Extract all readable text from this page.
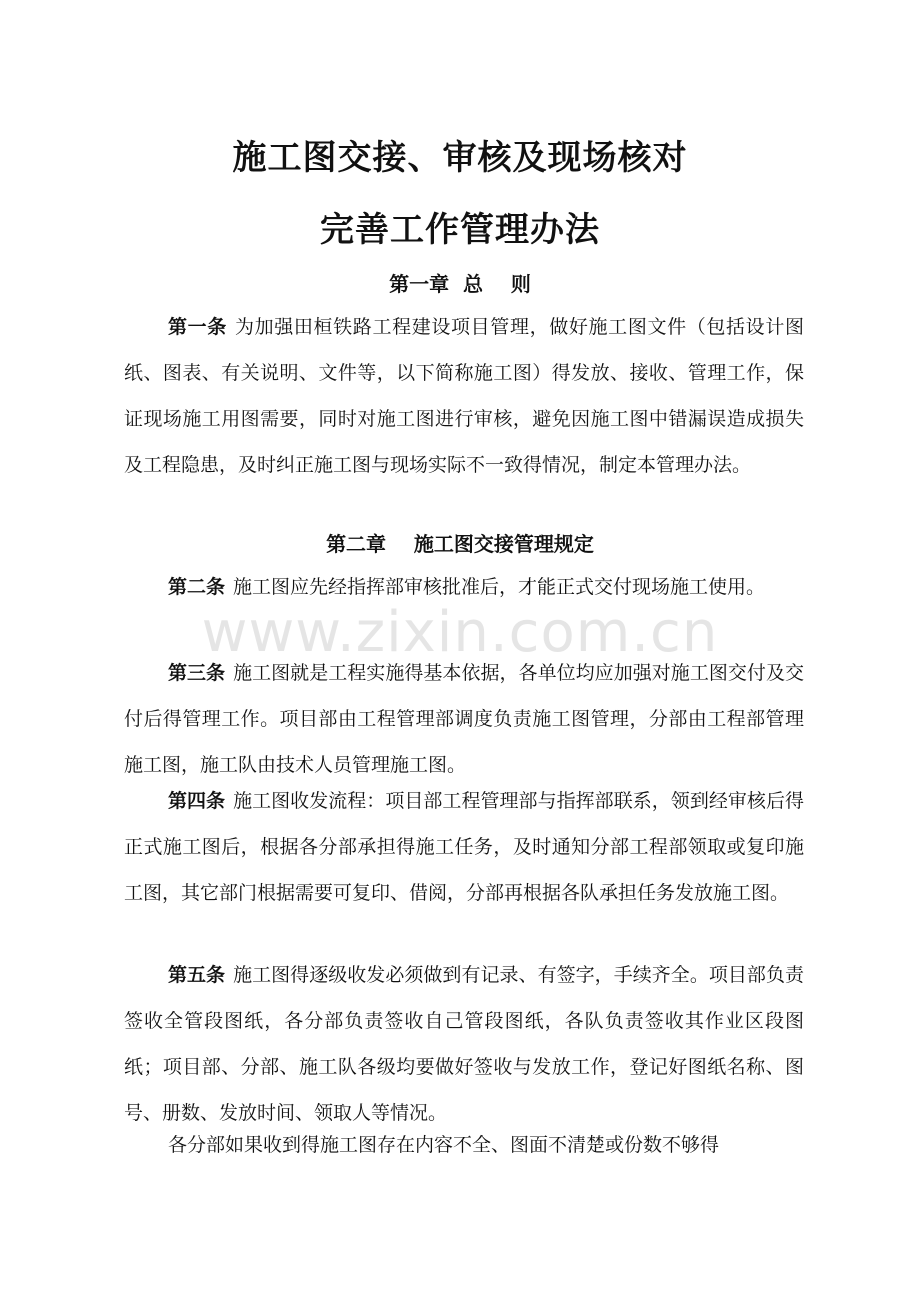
施工图交接、审核及现场核对
完善工作管理办法
第一章  总    则

第一条 为加强田桓铁路工程建设项目管理，做好施工图文件（包括设计图纸、图表、有关说明、文件等，以下简称施工图）得发放、接收、管理工作，保证现场施工用图需要，同时对施工图进行审核，避免因施工图中错漏误造成损失及工程隐患，及时纠正施工图与现场实际不一致得情况，制定本管理办法。

第二章    施工图交接管理规定

第二条 施工图应先经指挥部审核批准后，才能正式交付现场施工使用。

第三条 施工图就是工程实施得基本依据，各单位均应加强对施工图交付及交付后得管理工作。项目部由工程管理部调度负责施工图管理，分部由工程部管理施工图，施工队由技术人员管理施工图。

第四条 施工图收发流程：项目部工程管理部与指挥部联系，领到经审核后得正式施工图后，根据各分部承担得施工任务，及时通知分部工程部领取或复印施工图，其它部门根据需要可复印、借阅，分部再根据各队承担任务发放施工图。

第五条 施工图得逐级收发必须做到有记录、有签字，手续齐全。项目部负责签收全管段图纸，各分部负责签收自己管段图纸，各队负责签收其作业区段图纸；项目部、分部、施工队各级均要做好签收与发放工作，登记好图纸名称、图号、册数、发放时间、领取人等情况。

各分部如果收到得施工图存在内容不全、图面不清楚或份数不够得

www.zixin.com.cn
